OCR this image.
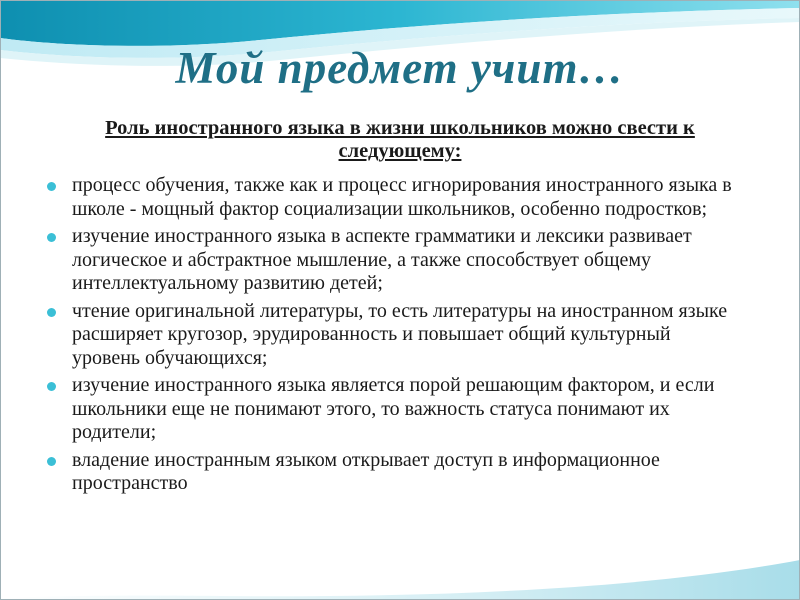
Мой предмет учит…
Роль иностранного языка в жизни школьников можно свести к следующему:
процесс обучения, также как и процесс игнорирования иностранного языка в школе - мощный фактор социализации школьников, особенно подростков;
изучение иностранного языка в аспекте грамматики и лексики развивает логическое и абстрактное мышление, а также способствует общему интеллектуальному развитию детей;
чтение оригинальной литературы, то есть литературы на иностранном языке расширяет кругозор, эрудированность и повышает общий культурный уровень обучающихся;
изучение иностранного языка является порой решающим фактором, и если школьники еще не понимают этого, то важность статуса понимают их родители;
владение иностранным языком открывает доступ в информационное пространство
